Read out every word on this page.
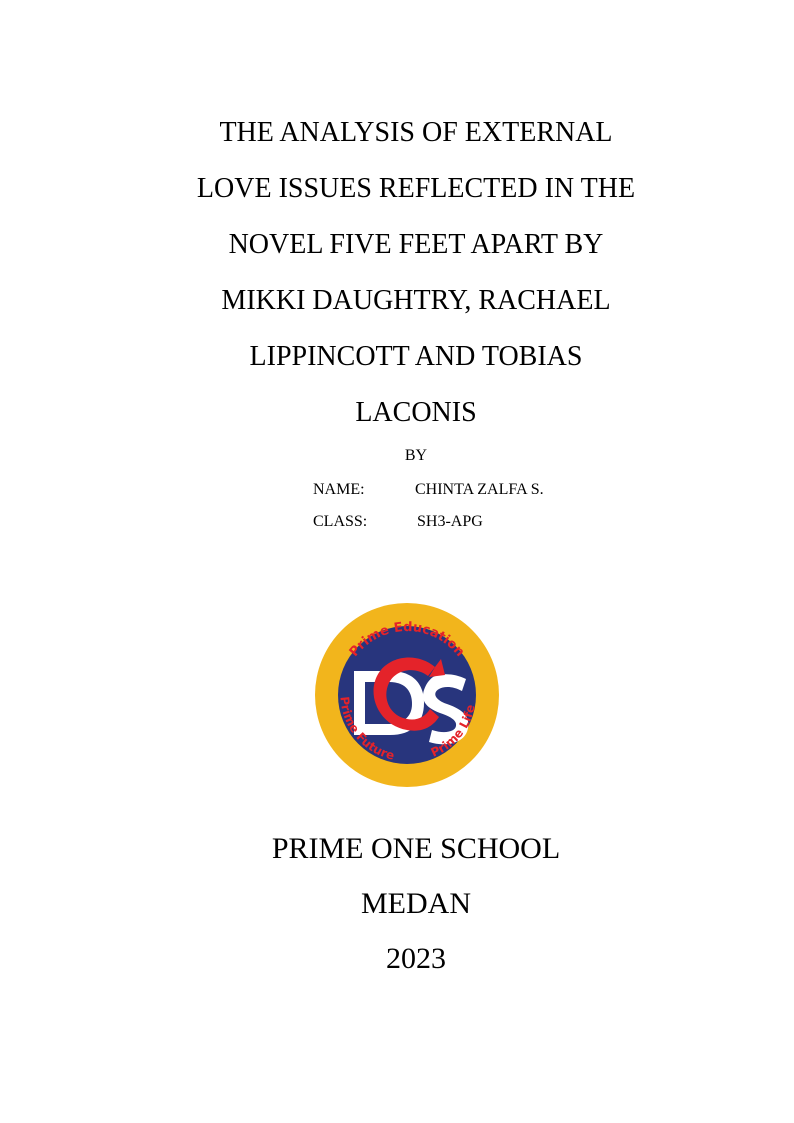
THE ANALYSIS OF EXTERNAL
LOVE ISSUES REFLECTED IN THE
NOVEL FIVE FEET APART BY
MIKKI DAUGHTRY, RACHAEL
LIPPINCOTT AND TOBIAS
LACONIS
BY
NAME:	CHINTA ZALFA S.
CLASS:	SH3-APG
Prime Education
Prime Future	Prime Life
PRIME ONE SCHOOL
MEDAN
2023
